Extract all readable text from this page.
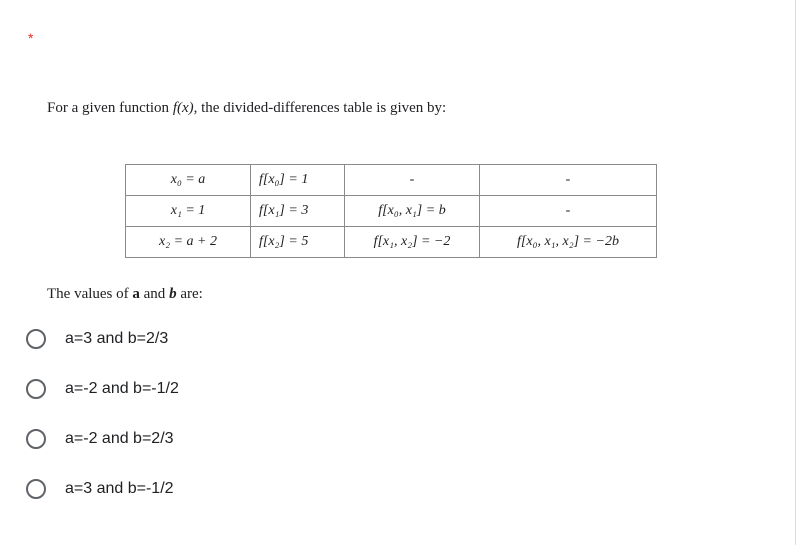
*
For a given function f(x), the divided-differences table is given by:
x₀ = a	f[x₀] = 1	-	-
x₁ = 1	f[x₁] = 3	f[x₀, x₁] = b	-
x₂ = a + 2	f[x₂] = 5	f[x₁, x₂] = −2	f[x₀, x₁, x₂] = −2b
The values of a and b are:
a=3 and b=2/3
a=-2 and b=-1/2
a=-2 and b=2/3
a=3 and b=-1/2
